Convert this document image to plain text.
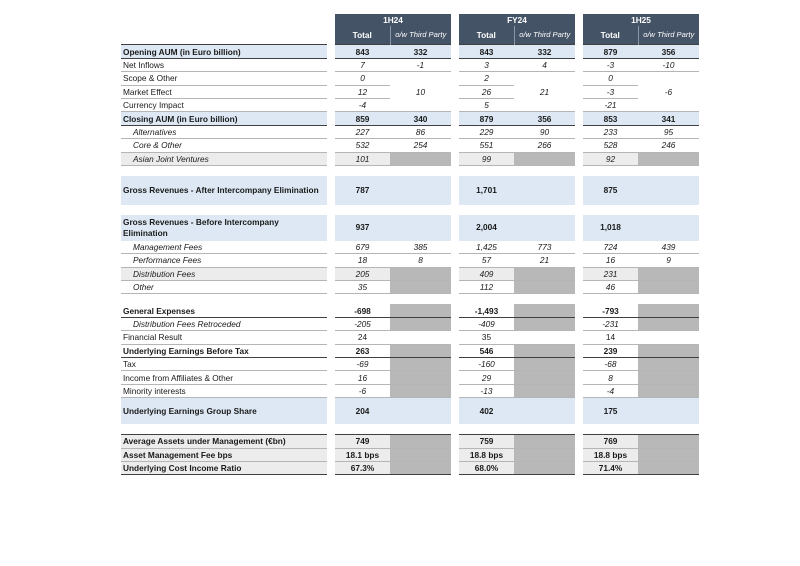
		1H24			FY24			1H25	
		Total	o/w Third Party		Total	o/w Third Party		Total	o/w Third Party
Opening AUM (in Euro billion)		843	332		843	332		879	356
Net Inflows		7	-1		3	4		-3	-10
Scope & Other		0			2			0	
Market Effect		12	10		26	21		-3	-6
Currency Impact		-4			5			-21	
Closing AUM (in Euro billion)		859	340		879	356		853	341
Alternatives		227	86		229	90		233	95
Core & Other		532	254		551	266		528	246
Asian Joint Ventures		101			99			92	

Gross Revenues - After Intercompany Elimination		787			1,701			875	

Gross Revenues - Before Intercompany Elimination		937			2,004			1,018	
Management Fees		679	385		1,425	773		724	439
Performance Fees		18	8		57	21		16	9
Distribution Fees		205			409			231	
Other		35			112			46	

General Expenses		-698			-1,493			-793	
Distribution Fees Retroceded		-205			-409			-231	
Financial Result		24			35			14	
Underlying Earnings Before Tax		263			546			239	
Tax		-69			-160			-68	
Income from Affiliates & Other		16			29			8	
Minority interests		-6			-13			-4	
Underlying Earnings Group Share		204			402			175	

Average Assets under Management (€bn)		749			759			769	
Asset Management Fee bps		18.1 bps			18.8 bps			18.8 bps	
Underlying Cost Income Ratio		67.3%			68.0%			71.4%	
